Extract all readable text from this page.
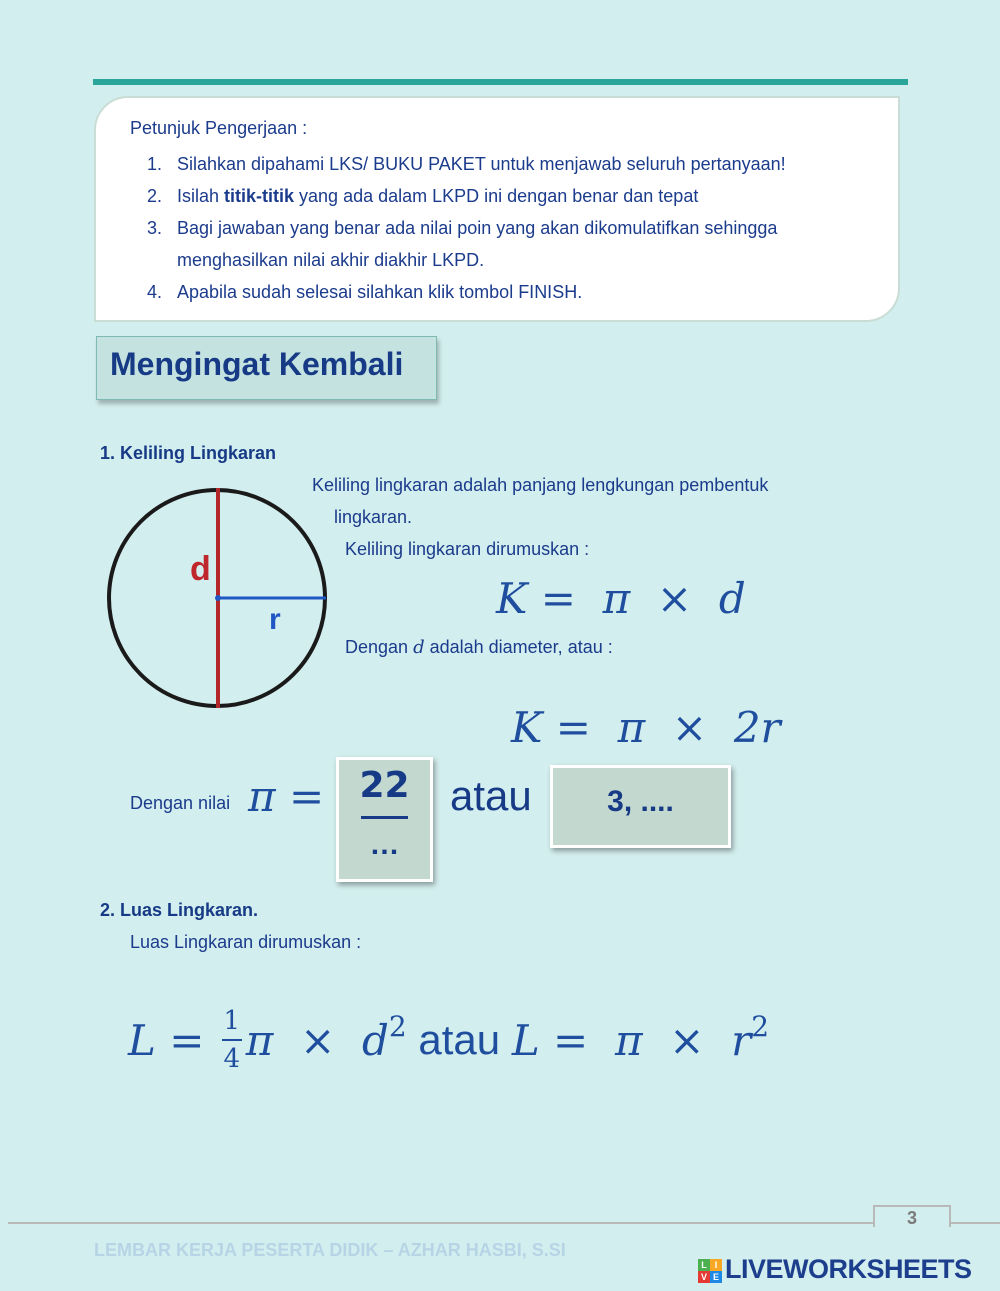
Petunjuk Pengerjaan :
1. Silahkan dipahami LKS/ BUKU PAKET untuk menjawab seluruh pertanyaan!
2. Isilah titik-titik yang ada dalam LKPD ini dengan benar dan tepat
3. Bagi jawaban yang benar ada nilai poin yang akan dikomulatifkan sehingga menghasilkan nilai akhir diakhir LKPD.
4. Apabila sudah selesai silahkan klik tombol FINISH.
Mengingat Kembali
1. Keliling Lingkaran
d
r
Keliling lingkaran adalah panjang lengkungan pembentuk
lingkaran.
Keliling lingkaran dirumuskan :
K =  π  ×  d
Dengan d adalah diameter, atau :
K =  π  ×  2r
Dengan nilai π = 22
…
atau	3, ....
2. Luas Lingkaran.
Luas Lingkaran dirumuskan :
L = 1
4 $\pi \times d^2$ atau $L = \pi \times r^2$
3
LEMBAR KERJA PESERTA DIDIK – AZHAR HASBI, S.SI
L I
V E LIVEWORKSHEETS
